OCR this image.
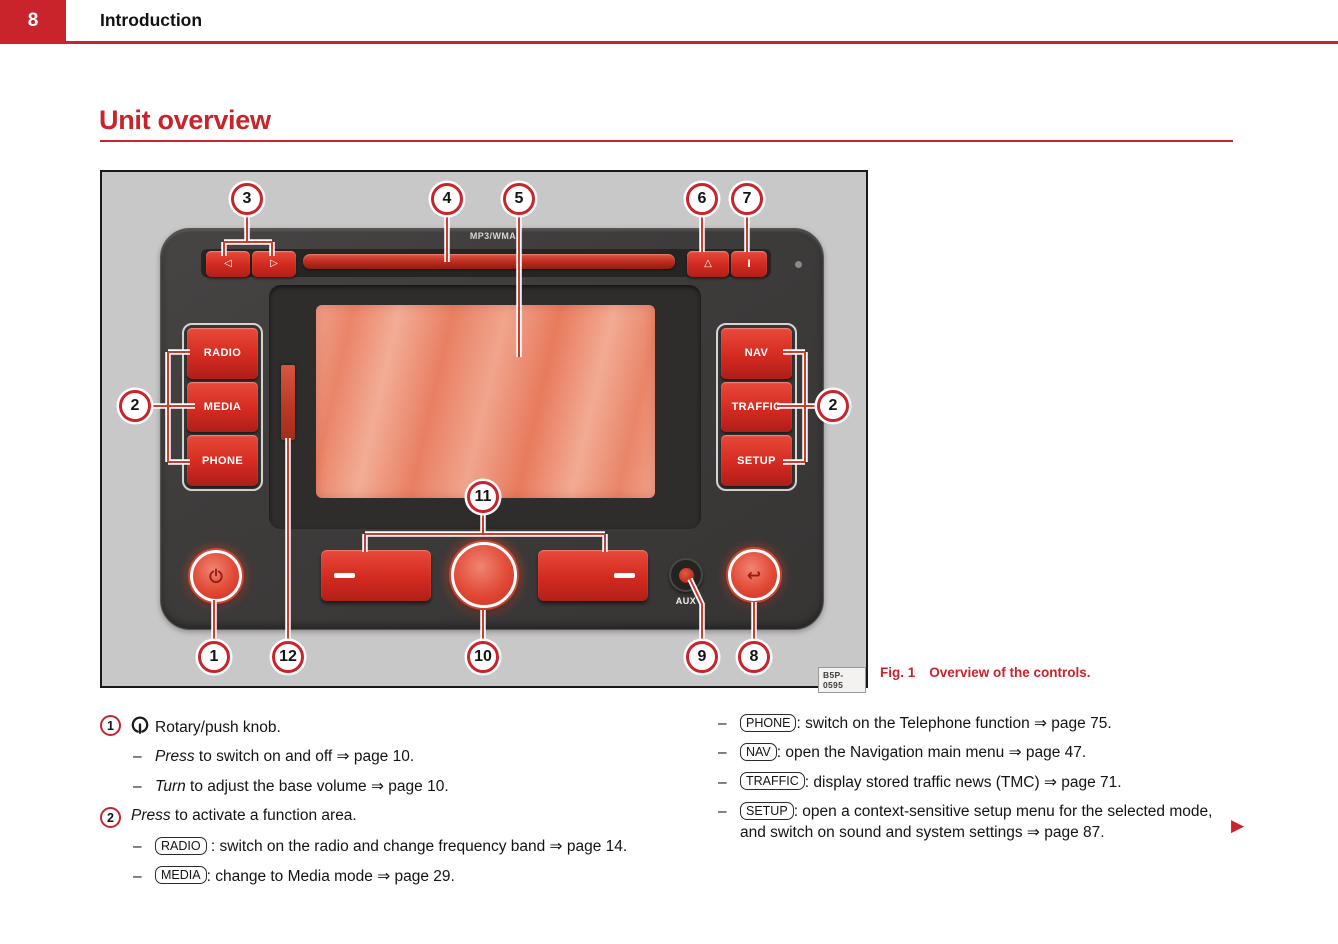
8	Introduction
Unit overview
MP3/WMA
◁	▷	△	I
RADIO
MEDIA
PHONE
NAV
TRAFFIC
SETUP
AUX
↩
B5P-0595
3	4	5	6	7
2	2
11
1	12	10	9	8
Fig. 1 Overview of the controls.
1	Rotary/push knob.
– Press to switch on and off ⇒ page 10.
– Turn to adjust the base volume ⇒ page 10.
2	Press to activate a function area.
–	RADIO : switch on the radio and change frequency band ⇒ page 14.
–	MEDIA : change to Media mode ⇒ page 29.
–	PHONE : switch on the Telephone function ⇒ page 75.
–	NAV : open the Navigation main menu ⇒ page 47.
–	TRAFFIC : display stored traffic news (TMC) ⇒ page 71.
–	SETUP : open a context-sensitive setup menu for the selected mode, and switch on sound and system settings ⇒ page 87.	▶
